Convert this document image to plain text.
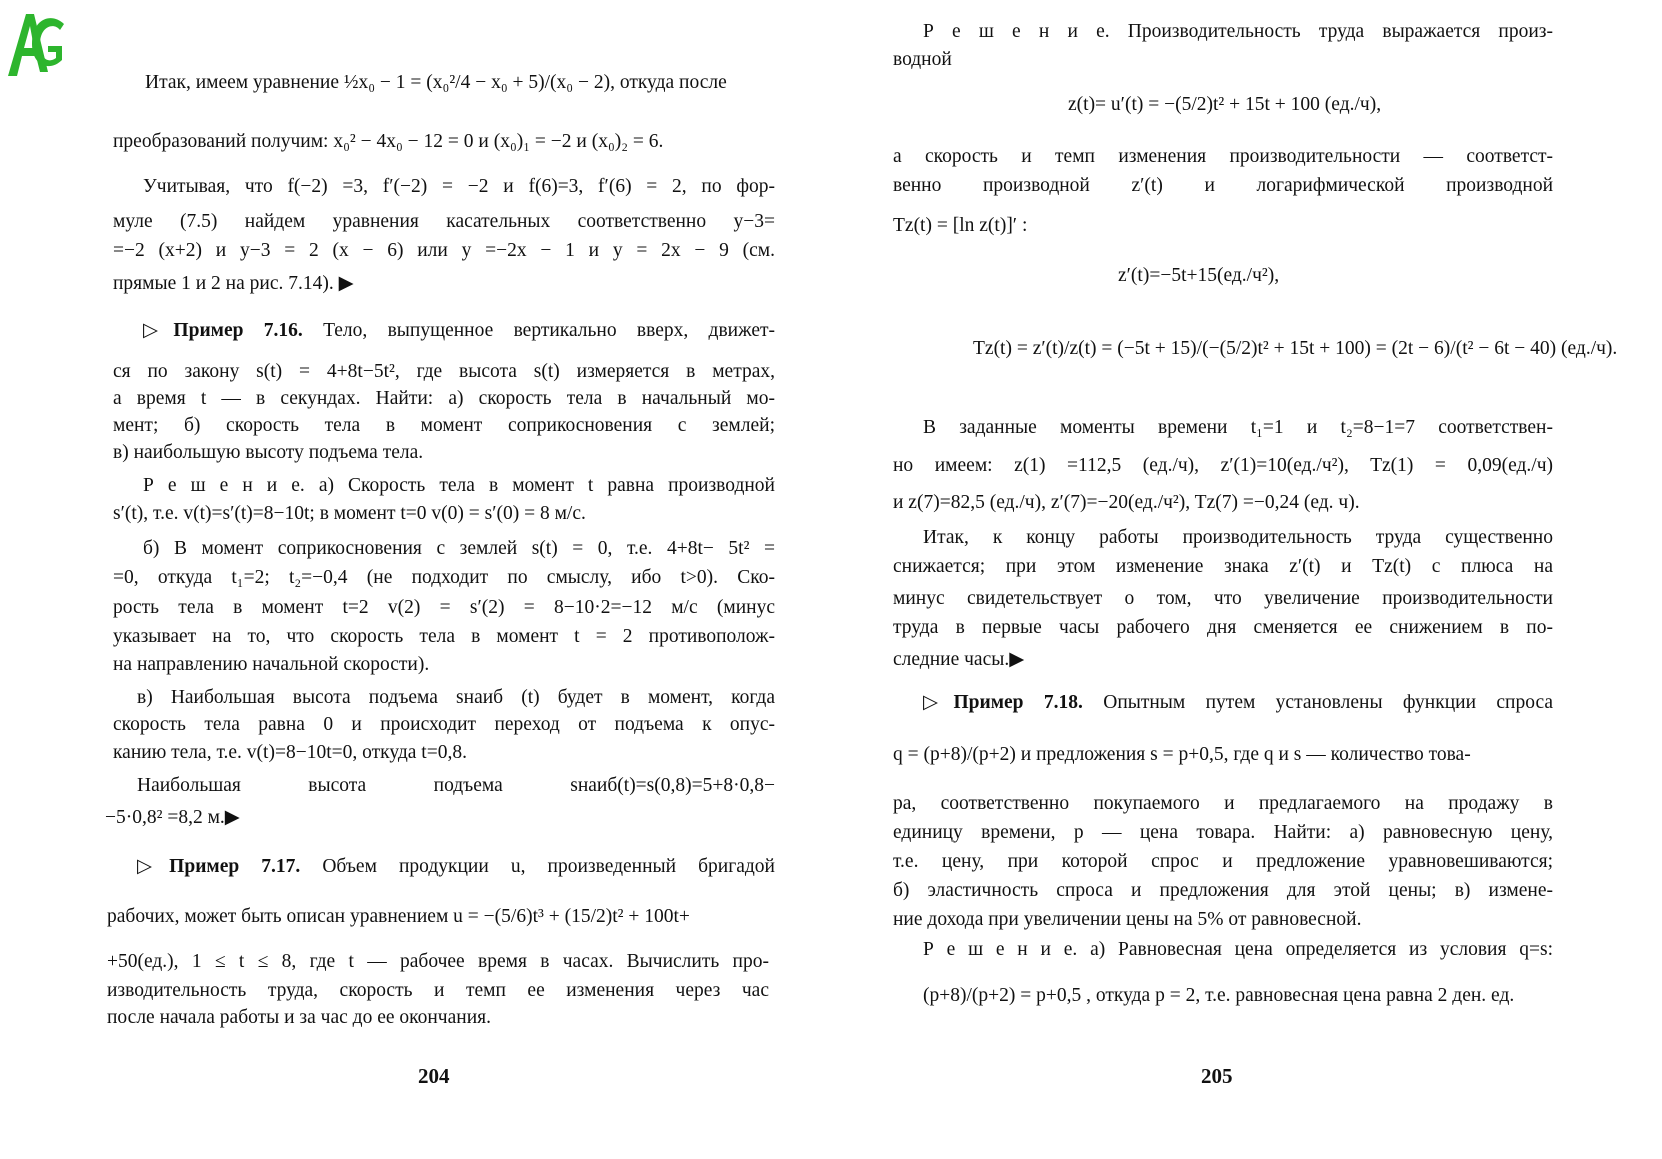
Итак, имеем уравнение ½x₀ − 1 = (x₀²/4 − x₀ + 5)/(x₀ − 2), откуда после
преобразований получим: x₀² − 4x₀ − 12 = 0 и (x₀)₁ = −2 и (x₀)₂ = 6.
Учитывая, что f(−2) =3, f′(−2) = −2 и f(6)=3, f′(6) = 2, по фор-
муле (7.5) найдем уравнения касательных соответственно y−3=
=−2 (x+2) и y−3 = 2 (x − 6) или y =−2x − 1 и y = 2x − 9 (см.
прямые 1 и 2 на рис. 7.14). ▶
▷Пример 7.16. Тело, выпущенное вертикально вверх, движет-
ся по закону s(t) = 4+8t−5t², где высота s(t) измеряется в метрах,
а время t — в секундах. Найти: а) скорость тела в начальный мо-
мент; б) скорость тела в момент соприкосновения с землей;
в) наибольшую высоту подъема тела.
Р е ш е н и е. а) Скорость тела в момент t равна производной
s′(t), т.е. v(t)=s′(t)=8−10t; в момент t=0 v(0) = s′(0) = 8 м/с.
б) В момент соприкосновения с землей s(t) = 0, т.е. 4+8t− 5t² =
=0, откуда t₁=2; t₂=−0,4 (не подходит по смыслу, ибо t>0). Ско-
рость тела в момент t=2 v(2) = s′(2) = 8−10·2=−12 м/с (минус
указывает на то, что скорость тела в момент t = 2 противополож-
на направлению начальной скорости).
в) Наибольшая высота подъема sнаиб (t) будет в момент, когда
скорость тела равна 0 и происходит переход от подъема к опус-
канию тела, т.е. v(t)=8−10t=0, откуда t=0,8.
Наибольшая высота подъема sнаиб(t)=s(0,8)=5+8·0,8−
−5·0,8² =8,2 м.▶
▷Пример 7.17. Объем продукции u, произведенный бригадой
рабочих, может быть описан уравнением u = −(5/6)t³ + (15/2)t² + 100t+
+50(ед.), 1 ≤ t ≤ 8, где t — рабочее время в часах. Вычислить про-
изводительность труда, скорость и темп ее изменения через час
после начала работы и за час до ее окончания.
204
Р е ш е н и е. Производительность труда выражается произ-
водной
z(t)= u′(t) = −(5/2)t² + 15t + 100 (ед./ч),
а скорость и темп изменения производительности — соответст-
венно производной z′(t) и логарифмической производной
Tz(t) = [ln z(t)]′ :
z′(t)=−5t+15(ед./ч²),
Tz(t) = z′(t)/z(t) = (−5t + 15)/(−(5/2)t² + 15t + 100) = (2t − 6)/(t² − 6t − 40) (ед./ч).
В заданные моменты времени t₁=1 и t₂=8−1=7 соответствен-
но имеем: z(1) =112,5 (ед./ч), z′(1)=10(ед./ч²), Tz(1) = 0,09(ед./ч)
и z(7)=82,5 (ед./ч), z′(7)=−20(ед./ч²), Tz(7) =−0,24 (ед. ч).
Итак, к концу работы производительность труда существенно
снижается; при этом изменение знака z′(t) и Tz(t) с плюса на
минус свидетельствует о том, что увеличение производительности
труда в первые часы рабочего дня сменяется ее снижением в по-
следние часы.▶
▷Пример 7.18. Опытным путем установлены функции спроса
q = (p+8)/(p+2) и предложения s = p+0,5, где q и s — количество това-
ра, соответственно покупаемого и предлагаемого на продажу в
единицу времени, p — цена товара. Найти: а) равновесную цену,
т.е. цену, при которой спрос и предложение уравновешиваются;
б) эластичность спроса и предложения для этой цены; в) измене-
ние дохода при увеличении цены на 5% от равновесной.
Р е ш е н и е. а) Равновесная цена определяется из условия q=s:
(p+8)/(p+2) = p+0,5 , откуда p = 2, т.е. равновесная цена равна 2 ден. ед.
205
